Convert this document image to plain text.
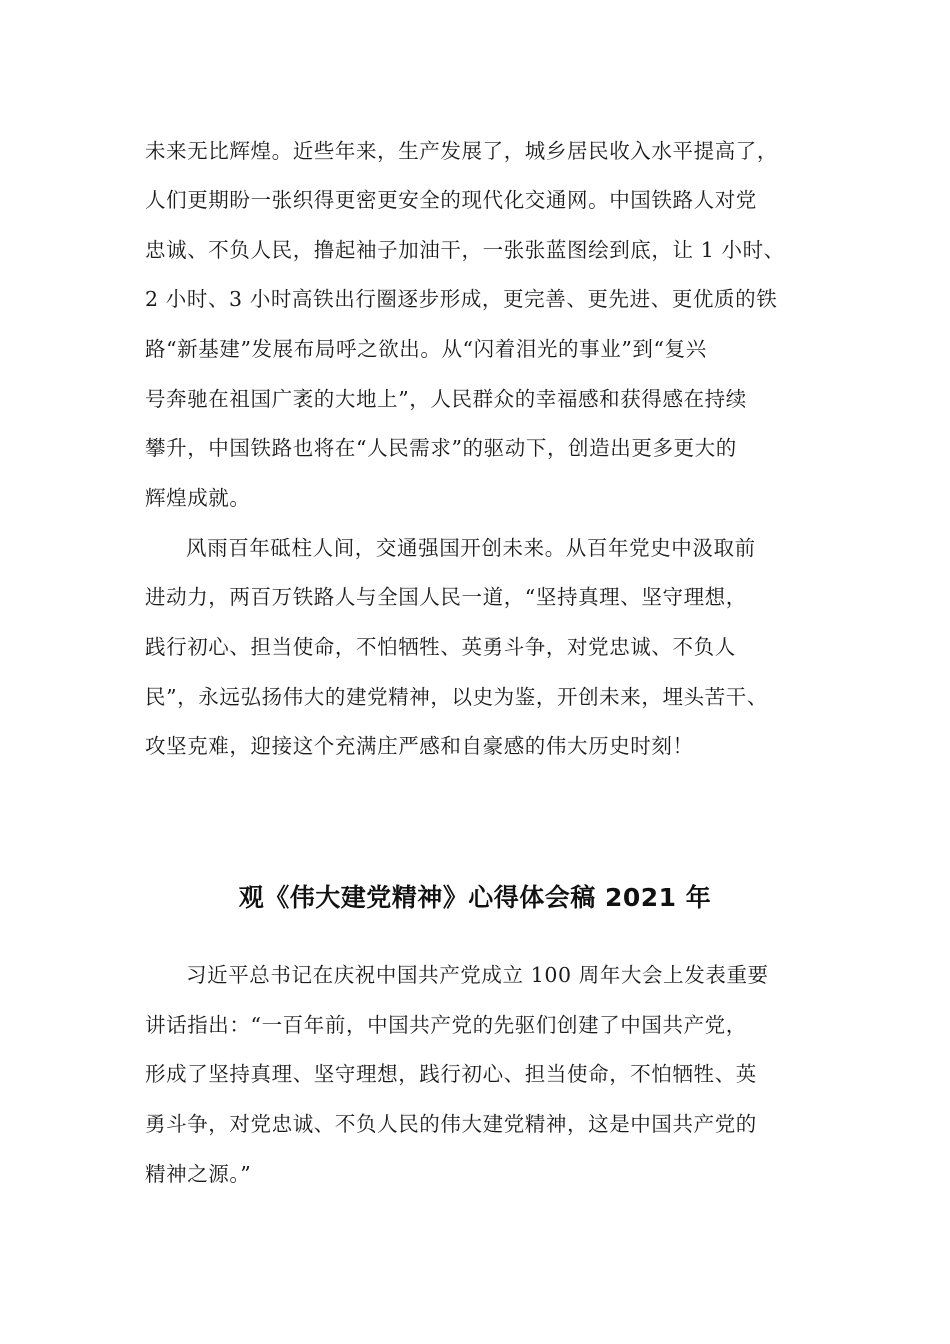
未来无比辉煌。近些年来，生产发展了，城乡居民收入水平提高了，
人们更期盼一张织得更密更安全的现代化交通网。中国铁路人对党
忠诚、不负人民，撸起袖子加油干，一张张蓝图绘到底，让 1 小时、
2 小时、3 小时高铁出行圈逐步形成，更完善、更先进、更优质的铁
路“新基建”发展布局呼之欲出。从“闪着泪光的事业”到“复兴
号奔驰在祖国广袤的大地上”，人民群众的幸福感和获得感在持续
攀升，中国铁路也将在“人民需求”的驱动下，创造出更多更大的
辉煌成就。
风雨百年砥柱人间，交通强国开创未来。从百年党史中汲取前
进动力，两百万铁路人与全国人民一道，“坚持真理、坚守理想，
践行初心、担当使命，不怕牺牲、英勇斗争，对党忠诚、不负人
民”，永远弘扬伟大的建党精神，以史为鉴，开创未来，埋头苦干、
攻坚克难，迎接这个充满庄严感和自豪感的伟大历史时刻！
观《伟大建党精神》心得体会稿 2021 年
习近平总书记在庆祝中国共产党成立 100 周年大会上发表重要
讲话指出：“一百年前，中国共产党的先驱们创建了中国共产党，
形成了坚持真理、坚守理想，践行初心、担当使命，不怕牺牲、英
勇斗争，对党忠诚、不负人民的伟大建党精神，这是中国共产党的
精神之源。”
